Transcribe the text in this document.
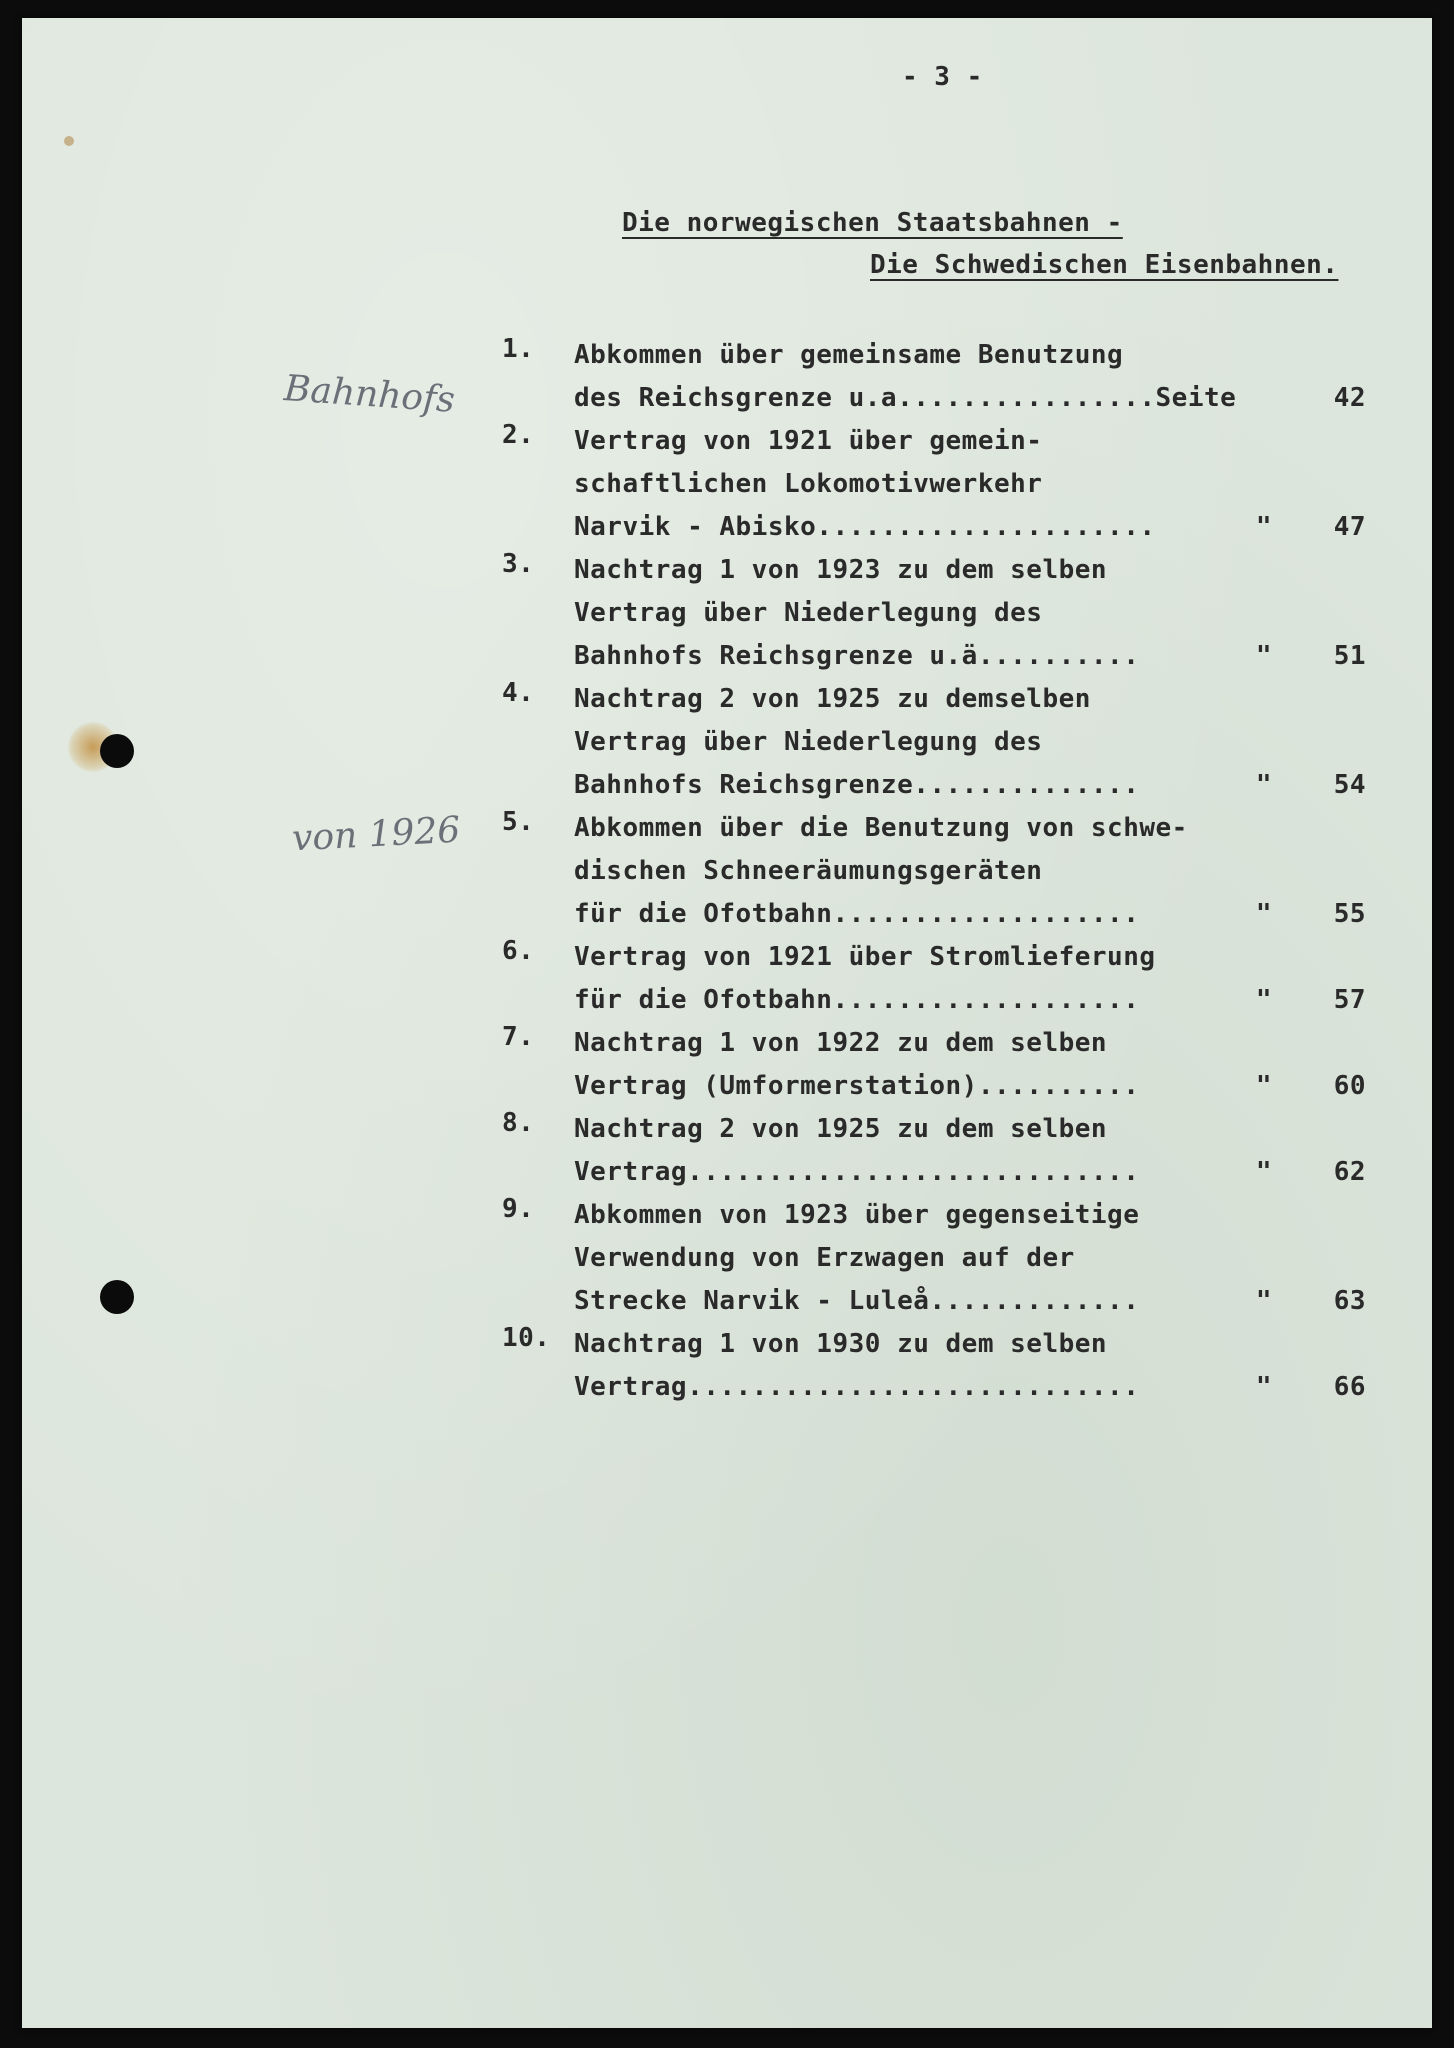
- 3 -
Die norwegischen Staatsbahnen -
Die Schwedischen Eisenbahnen.
Bahnhofs
von 1926
1.	Abkommen über gemeinsame Benutzung
des Reichsgrenze u.a................Seite	42
2.	Vertrag von 1921 über gemein-
schaftlichen Lokomotivwerkehr
Narvik - Abisko.....................	"	47
3.	Nachtrag 1 von 1923 zu dem selben
Vertrag über Niederlegung des
Bahnhofs Reichsgrenze u.ä..........	"	51
4.	Nachtrag 2 von 1925 zu demselben
Vertrag über Niederlegung des
Bahnhofs Reichsgrenze..............	"	54
5.	Abkommen über die Benutzung von schwe-
dischen Schneeräumungsgeräten
für die Ofotbahn...................	"	55
6.	Vertrag von 1921 über Stromlieferung
für die Ofotbahn...................	"	57
7.	Nachtrag 1 von 1922 zu dem selben
Vertrag (Umformerstation)..........	"	60
8.	Nachtrag 2 von 1925 zu dem selben
Vertrag............................	"	62
9.	Abkommen von 1923 über gegenseitige
Verwendung von Erzwagen auf der
Strecke Narvik - Luleå.............	"	63
10. Nachtrag 1 von 1930 zu dem selben
Vertrag............................	"	66
